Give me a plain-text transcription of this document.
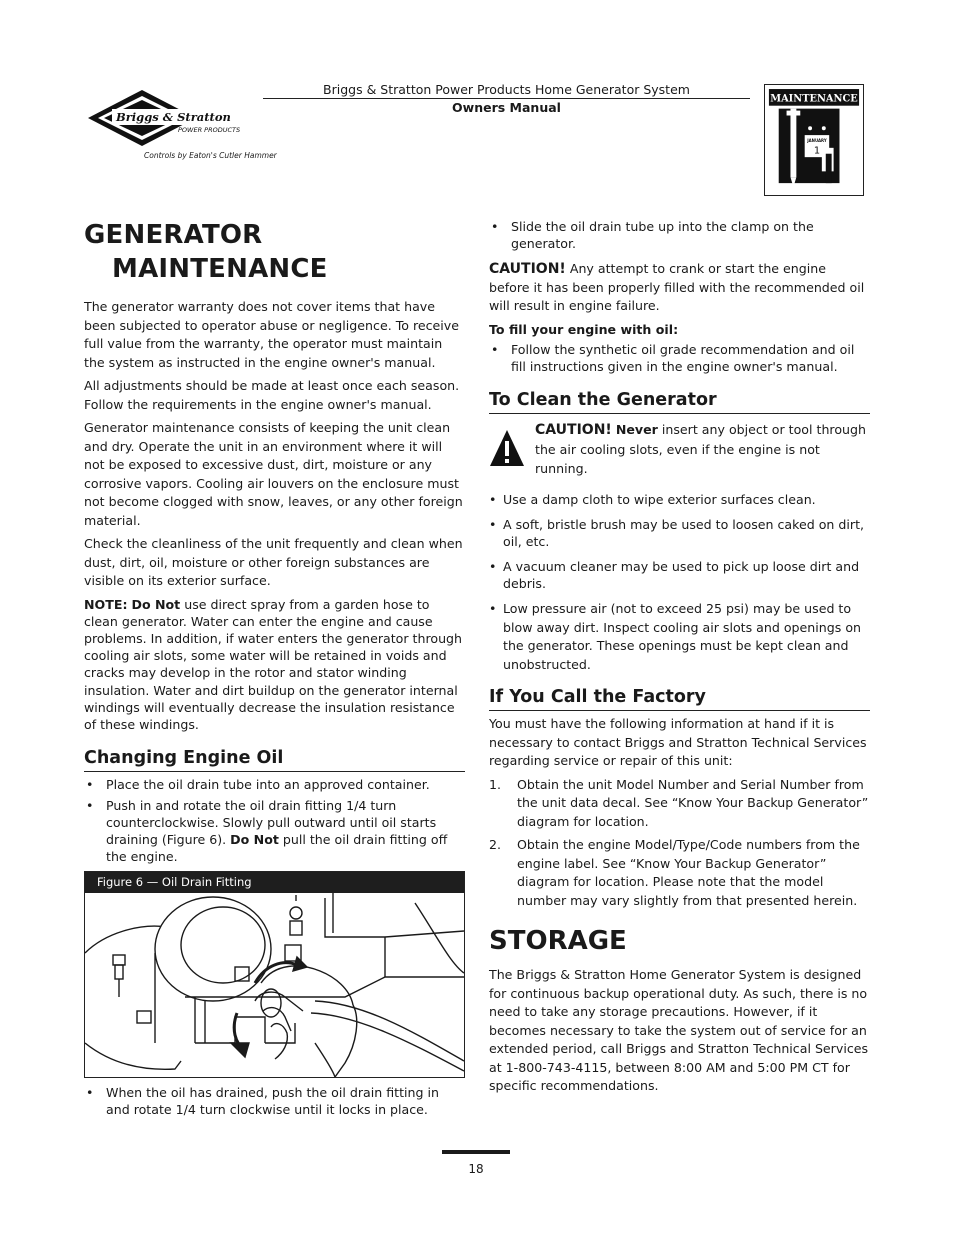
Briggs & Stratton
POWER PRODUCTS
Controls by Eaton's Cutler Hammer
Briggs & Stratton Power Products Home Generator System
Owners Manual
MAINTENANCE
JANUARY
1
GENERATOR
MAINTENANCE

The generator warranty does not cover items that have been subjected to operator abuse or negligence. To receive full value from the warranty, the operator must maintain the system as instructed in the engine owner's manual.

All adjustments should be made at least once each season. Follow the requirements in the engine owner's manual.

Generator maintenance consists of keeping the unit clean and dry. Operate the unit in an environment where it will not be exposed to excessive dust, dirt, moisture or any corrosive vapors. Cooling air louvers on the enclosure must not become clogged with snow, leaves, or any other foreign material.

Check the cleanliness of the unit frequently and clean when dust, dirt, oil, moisture or other foreign substances are visible on its exterior surface.

NOTE: Do Not use direct spray from a garden hose to clean generator. Water can enter the engine and cause problems. In addition, if water enters the generator through cooling air slots, some water will be retained in voids and cracks may develop in the rotor and stator winding insulation. Water and dirt buildup on the generator internal windings will eventually decrease the insulation resistance of these windings.

Changing Engine Oil
• Place the oil drain tube into an approved container.
• Push in and rotate the oil drain fitting 1/4 turn counterclockwise. Slowly pull outward until oil starts draining (Figure 6). Do Not pull the oil drain fitting off the engine.
Figure 6 — Oil Drain Fitting
• When the oil has drained, push the oil drain fitting in and rotate 1/4 turn clockwise until it locks in place.
• Slide the oil drain tube up into the clamp on the generator.

CAUTION! Any attempt to crank or start the engine before it has been properly filled with the recommended oil will result in engine failure.

To fill your engine with oil:

• Follow the synthetic oil grade recommendation and oil fill instructions given in the engine owner's manual.
To Clean the Generator

CAUTION! Never insert any object or tool through the air cooling slots, even if the engine is not running.

• Use a damp cloth to wipe exterior surfaces clean.
• A soft, bristle brush may be used to loosen caked on dirt, oil, etc.
• A vacuum cleaner may be used to pick up loose dirt and debris.
• Low pressure air (not to exceed 25 psi) may be used to blow away dirt. Inspect cooling air slots and openings on the generator. These openings must be kept clean and unobstructed.
If You Call the Factory

You must have the following information at hand if it is necessary to contact Briggs and Stratton Technical Services regarding service or repair of this unit:

1. Obtain the unit Model Number and Serial Number from the unit data decal. See “Know Your Backup Generator” diagram for location.
2. Obtain the engine Model/Type/Code numbers from the engine label. See “Know Your Backup Generator” diagram for location. Please note that the model number may vary slightly from that presented herein.
STORAGE

The Briggs & Stratton Home Generator System is designed for continuous backup operational duty. As such, there is no need to take any storage precautions. However, if it becomes necessary to take the system out of service for an extended period, call Briggs and Stratton Technical Services at 1-800-743-4115, between 8:00 AM and 5:00 PM CT for specific recommendations.

18
